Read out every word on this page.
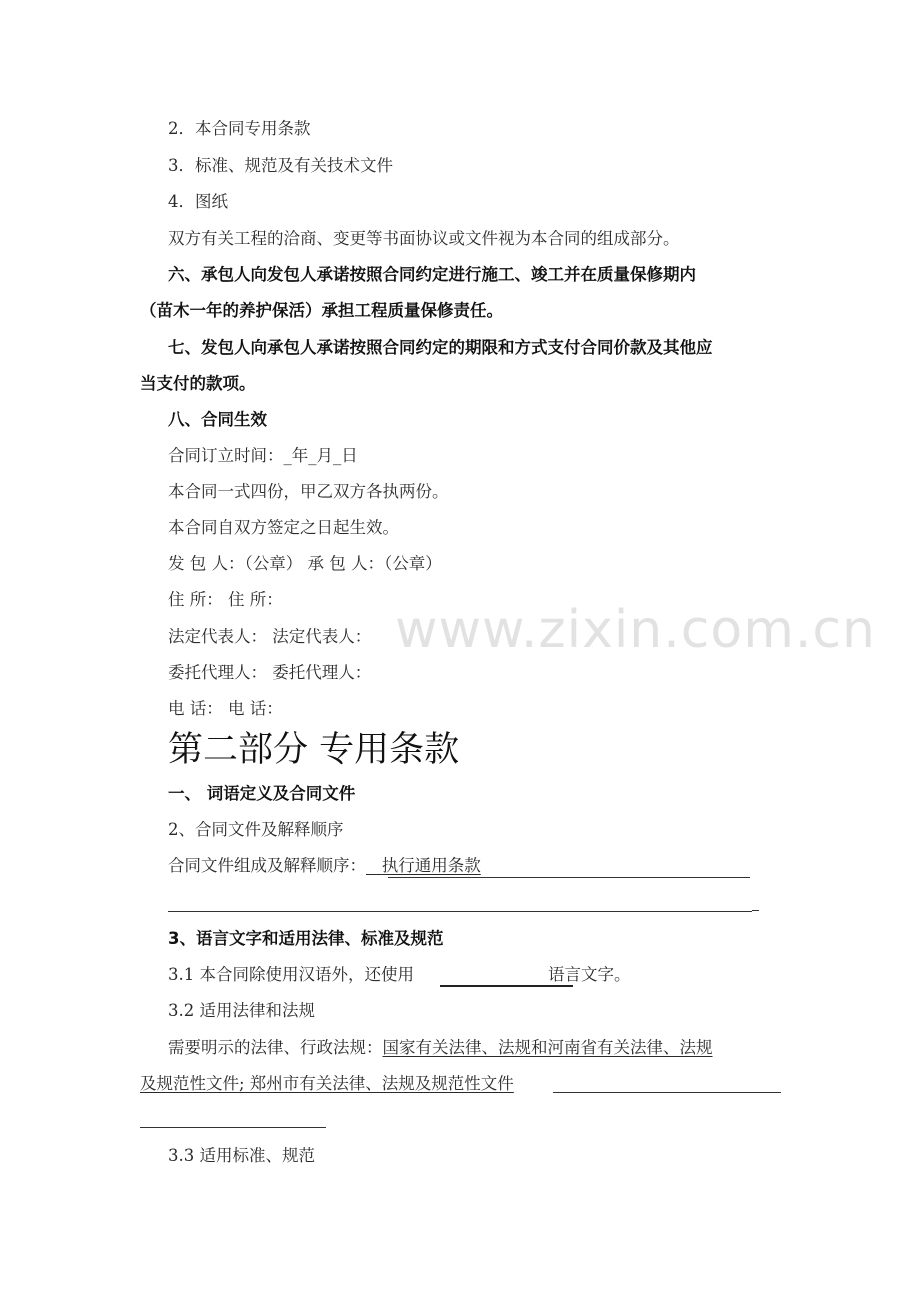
www.zixin.com.cn
2．本合同专用条款
3．标准、规范及有关技术文件
4．图纸
双方有关工程的洽商、变更等书面协议或文件视为本合同的组成部分。
六、承包人向发包人承诺按照合同约定进行施工、竣工并在质量保修期内
（苗木一年的养护保活）承担工程质量保修责任。
七、发包人向承包人承诺按照合同约定的期限和方式支付合同价款及其他应
当支付的款项。
八、合同生效
合同订立时间：_年_月_日
本合同一式四份，甲乙双方各执两份。
本合同自双方签定之日起生效。
发 包 人：（公章） 承 包 人：（公章）
住 所： 住 所：
法定代表人： 法定代表人：
委托代理人： 委托代理人：
电 话： 电 话：
第二部分 专用条款
一、 词语定义及合同文件
2、合同文件及解释顺序
合同文件组成及解释顺序： 执行通用条款
3、语言文字和适用法律、标准及规范
3.1 本合同除使用汉语外，还使用	语言文字。
3.2 适用法律和法规
需要明示的法律、行政法规：国家有关法律、法规和河南省有关法律、法规
及规范性文件; 郑州市有关法律、法规及规范性文件
3.3 适用标准、规范
